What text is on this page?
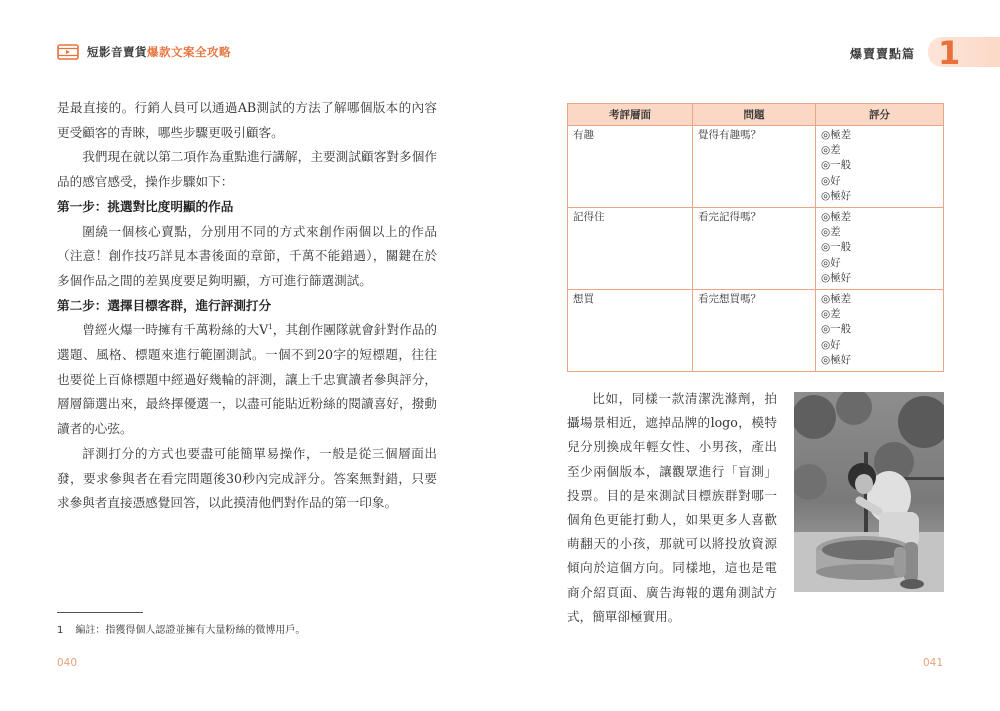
短影音賣貨爆款文案全攻略

是最直接的。行銷人員可以通過AB測試的方法了解哪個版本的內容更受顧客的青睞，哪些步驟更吸引顧客。

我們現在就以第二項作為重點進行講解，主要測試顧客對多個作品的感官感受，操作步驟如下：

第一步：挑選對比度明顯的作品

圍繞一個核心賣點，分別用不同的方式來創作兩個以上的作品（注意！創作技巧詳見本書後面的章節，千萬不能錯過），關鍵在於多個作品之間的差異度要足夠明顯，方可進行篩選測試。

第二步：選擇目標客群，進行評測打分

曾經火爆一時擁有千萬粉絲的大$V^1$，其創作團隊就會針對作品的選題、風格、標題來進行範圍測試。一個不到20字的短標題，往往也要從上百條標題中經過好幾輪的評測，讓上千忠實讀者參與評分，層層篩選出來，最終擇優選一，以盡可能貼近粉絲的閱讀喜好，撥動讀者的心弦。

評測打分的方式也要盡可能簡單易操作，一般是從三個層面出發，要求參與者在看完問題後30秒內完成評分。答案無對錯，只要求參與者直接憑感覺回答，以此摸清他們對作品的第一印象。

1 編註：指獲得個人認證並擁有大量粉絲的微博用戶。
040
爆賣賣點篇 1
考評層面	問題	評分
有趣	覺得有趣嗎？	◎極差
◎差
◎一般
◎好
◎極好

記得住	看完記得嗎？	◎極差
◎差
◎一般
◎好
◎極好

想買	看完想買嗎？	◎極差
◎差
◎一般
◎好
◎極好

比如，同樣一款清潔洗滌劑，拍攝場景相近，遮掉品牌的logo，模特兒分別換成年輕女性、小男孩，產出至少兩個版本，讓觀眾進行「盲測」投票。目的是來測試目標族群對哪一個角色更能打動人，如果更多人喜歡萌翻天的小孩，那就可以將投放資源傾向於這個方向。同樣地，這也是電商介紹頁面、廣告海報的選角測試方式，簡單卻極實用。

041
